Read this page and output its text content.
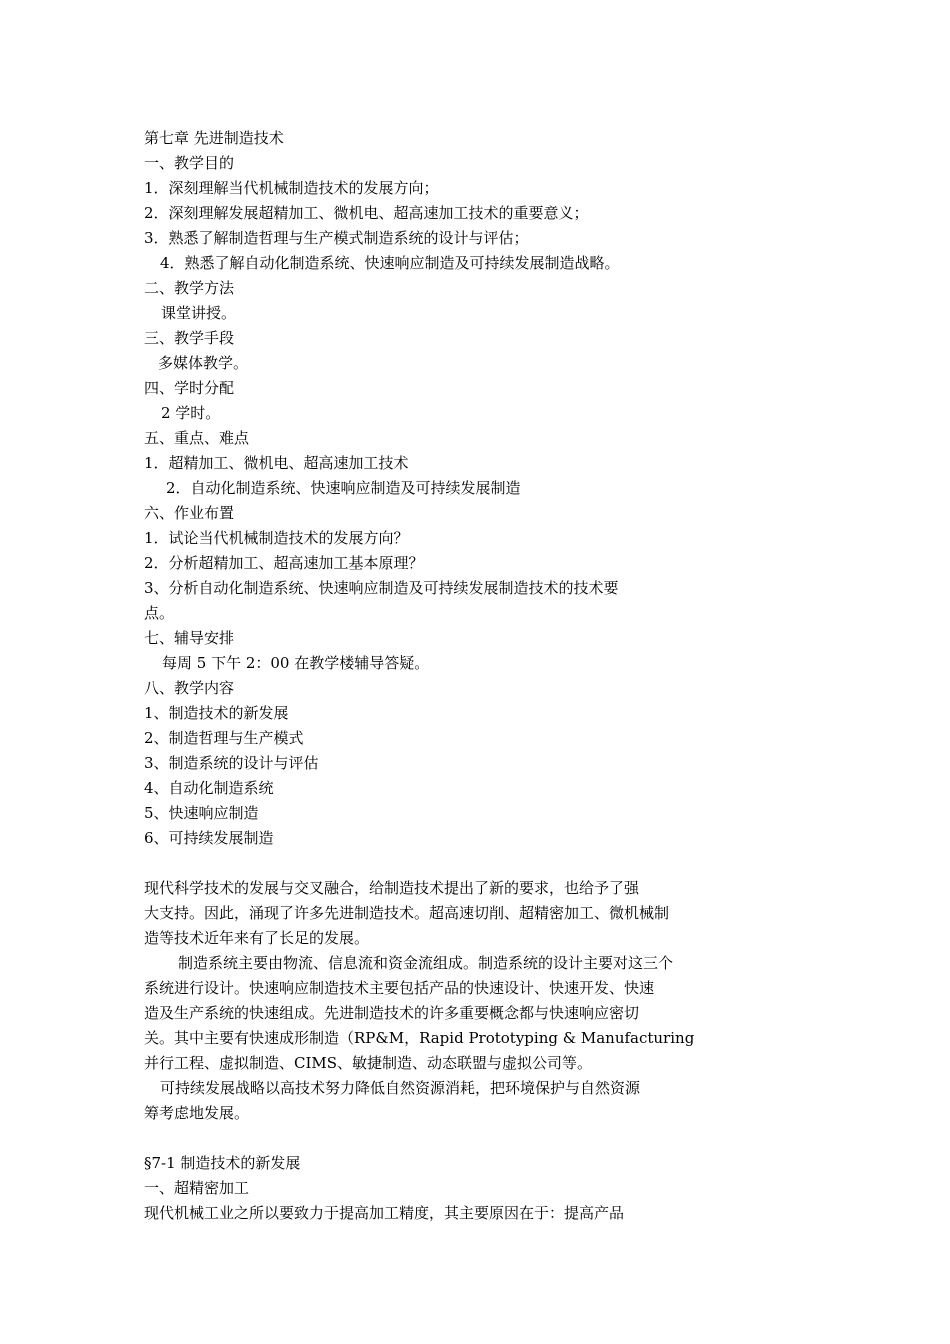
第七章 先进制造技术
一、教学目的
1．深刻理解当代机械制造技术的发展方向；
2．深刻理解发展超精加工、微机电、超高速加工技术的重要意义；
3．熟悉了解制造哲理与生产模式制造系统的设计与评估；
4．熟悉了解自动化制造系统、快速响应制造及可持续发展制造战略。
二、教学方法
课堂讲授。
三、教学手段
多媒体教学。
四、学时分配
2 学时。
五、重点、难点
1．超精加工、微机电、超高速加工技术
2．自动化制造系统、快速响应制造及可持续发展制造
六、作业布置
1．试论当代机械制造技术的发展方向？
2．分析超精加工、超高速加工基本原理？
3、分析自动化制造系统、快速响应制造及可持续发展制造技术的技术要
点。
七、辅导安排
每周 5 下午 2：00 在教学楼辅导答疑。
八、教学内容
1、制造技术的新发展
2、制造哲理与生产模式
3、制造系统的设计与评估
4、自动化制造系统
5、快速响应制造
6、可持续发展制造
现代科学技术的发展与交叉融合，给制造技术提出了新的要求，也给予了强
大支持。因此，涌现了许多先进制造技术。超高速切削、超精密加工、微机械制
造等技术近年来有了长足的发展。
制造系统主要由物流、信息流和资金流组成。制造系统的设计主要对这三个
系统进行设计。快速响应制造技术主要包括产品的快速设计、快速开发、快速
造及生产系统的快速组成。先进制造技术的许多重要概念都与快速响应密切
关。其中主要有快速成形制造（RP&M，Rapid Prototyping & Manufacturing
并行工程、虚拟制造、CIMS、敏捷制造、动态联盟与虚拟公司等。
可持续发展战略以高技术努力降低自然资源消耗，把环境保护与自然资源
筹考虑地发展。
§7-1 制造技术的新发展
一、超精密加工
现代机械工业之所以要致力于提高加工精度，其主要原因在于：提高产品
